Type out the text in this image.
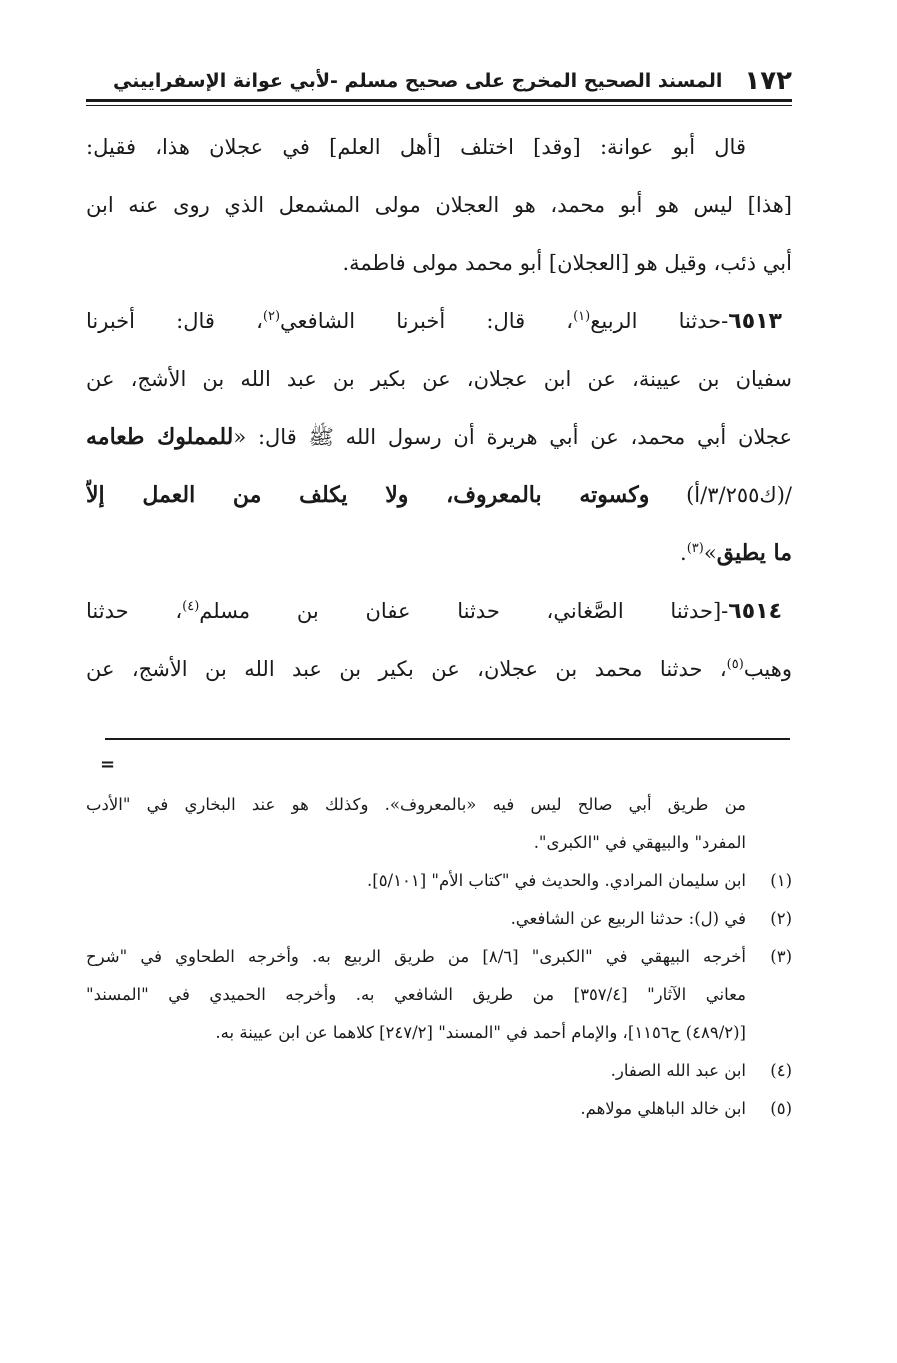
١٧٢
المسند الصحيح المخرج على صحيح مسلم -لأبي عوانة الإسفراييني
قال أبو عوانة: [وقد] اختلف [أهل العلم] في عجلان هذا، فقيل:
[هذا] ليس هو أبو محمد، هو العجلان مولى المشمعل الذي روى عنه ابن
أبي ذئب، وقيل هو [العجلان] أبو محمد مولى فاطمة.
٦٥١٣-حدثنا الربيع$^{(١)}$، قال: أخبرنا الشافعي$^{(٢)}$، قال: أخبرنا
سفيان بن عيينة، عن ابن عجلان، عن بكير بن عبد الله بن الأشج، عن
عجلان أبي محمد، عن أبي هريرة أن رسول الله ﷺ قال: «للمملوك طعامه
/(ك٣/٢٥٥/أ) وكسوته بالمعروف، ولا يكلف من العمل إلاّ
ما يطيق»$^{(٣)}$.
٦٥١٤-[حدثنا الصَّغاني، حدثنا عفان بن مسلم$^{(٤)}$، حدثنا
وهيب$^{(٥)}$، حدثنا محمد بن عجلان، عن بكير بن عبد الله بن الأشج، عن
=
من طريق أبي صالح ليس فيه «بالمعروف». وكذلك هو عند البخاري في "الأدب
المفرد" والبيهقي في "الكبرى".
(١)ابن سليمان المرادي. والحديث في "كتاب الأم" [٥/١٠١].
(٢)في (ل): حدثنا الربيع عن الشافعي.
(٣)أخرجه البيهقي في "الكبرى" [٨/٦] من طريق الربيع به. وأخرجه الطحاوي في "شرح
معاني الآثار" [٣٥٧/٤] من طريق الشافعي به. وأخرجه الحميدي في "المسند"
[(٤٨٩/٢) ح١١٥٦]، والإمام أحمد في "المسند" [٢٤٧/٢] كلاهما عن ابن عيينة به.
(٤)ابن عبد الله الصفار.
(٥)ابن خالد الباهلي مولاهم.
